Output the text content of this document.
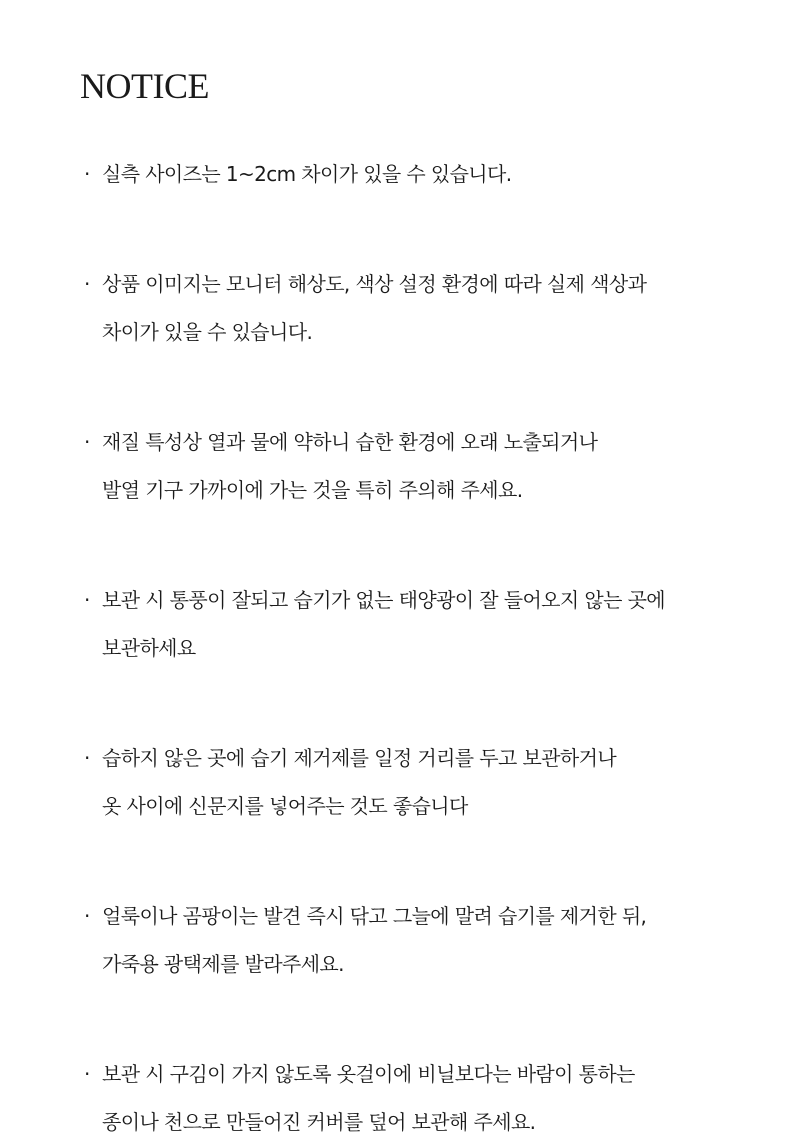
NOTICE
· 실측 사이즈는 1~2cm 차이가 있을 수 있습니다.
· 상품 이미지는 모니터 해상도, 색상 설정 환경에 따라 실제 색상과
차이가 있을 수 있습니다.
· 재질 특성상 열과 물에 약하니 습한 환경에 오래 노출되거나
발열 기구 가까이에 가는 것을 특히 주의해 주세요.
· 보관 시 통풍이 잘되고 습기가 없는 태양광이 잘 들어오지 않는 곳에
보관하세요
· 습하지 않은 곳에 습기 제거제를 일정 거리를 두고 보관하거나
옷 사이에 신문지를 넣어주는 것도 좋습니다
· 얼룩이나 곰팡이는 발견 즉시 닦고 그늘에 말려 습기를 제거한 뒤,
가죽용 광택제를 발라주세요.
· 보관 시 구김이 가지 않도록 옷걸이에 비닐보다는 바람이 통하는
종이나 천으로 만들어진 커버를 덮어 보관해 주세요.
